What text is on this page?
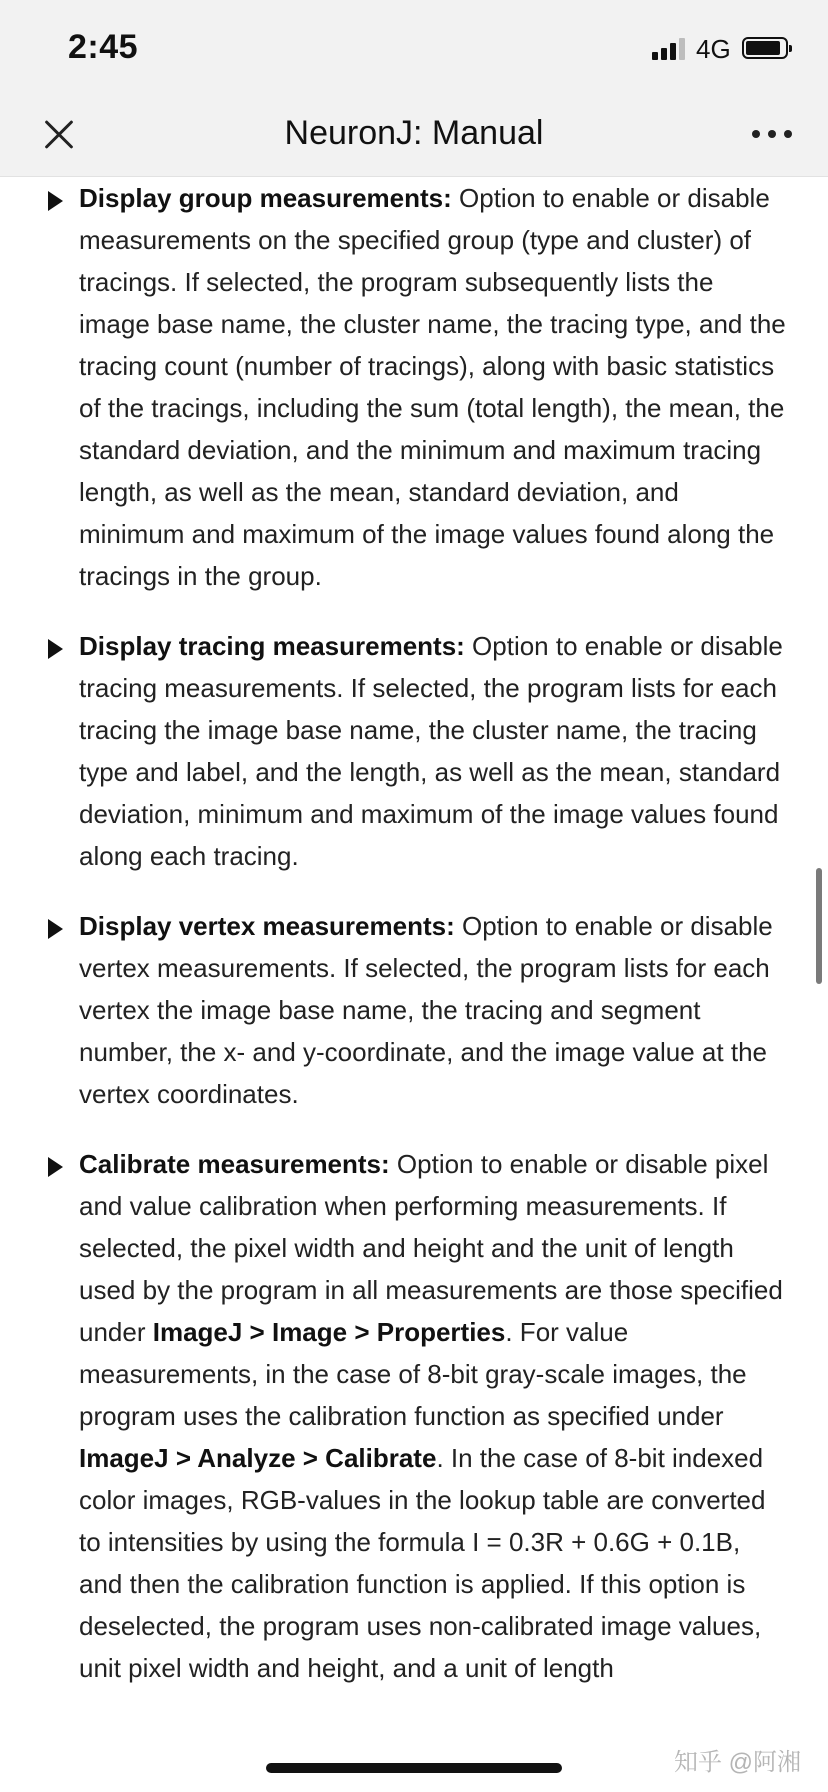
2:45	4G
NeuronJ: Manual

Display group measurements: Option to enable or disable measurements on the specified group (type and cluster) of tracings. If selected, the program subsequently lists the image base name, the cluster name, the tracing type, and the tracing count (number of tracings), along with basic statistics of the tracings, including the sum (total length), the mean, the standard deviation, and the minimum and maximum tracing length, as well as the mean, standard deviation, and minimum and maximum of the image values found along the tracings in the group.

Display tracing measurements: Option to enable or disable tracing measurements. If selected, the program lists for each tracing the image base name, the cluster name, the tracing type and label, and the length, as well as the mean, standard deviation, minimum and maximum of the image values found along each tracing.

Display vertex measurements: Option to enable or disable vertex measurements. If selected, the program lists for each vertex the image base name, the tracing and segment number, the x- and y-coordinate, and the image value at the vertex coordinates.

Calibrate measurements: Option to enable or disable pixel and value calibration when performing measurements. If selected, the pixel width and height and the unit of length used by the program in all measurements are those specified under ImageJ > Image > Properties. For value measurements, in the case of 8-bit gray-scale images, the program uses the calibration function as specified under ImageJ > Analyze > Calibrate. In the case of 8-bit indexed color images, RGB-values in the lookup table are converted to intensities by using the formula I = 0.3R + 0.6G + 0.1B, and then the calibration function is applied. If this option is deselected, the program uses non-calibrated image values, unit pixel width and height, and a unit of length

知乎 @阿湘
